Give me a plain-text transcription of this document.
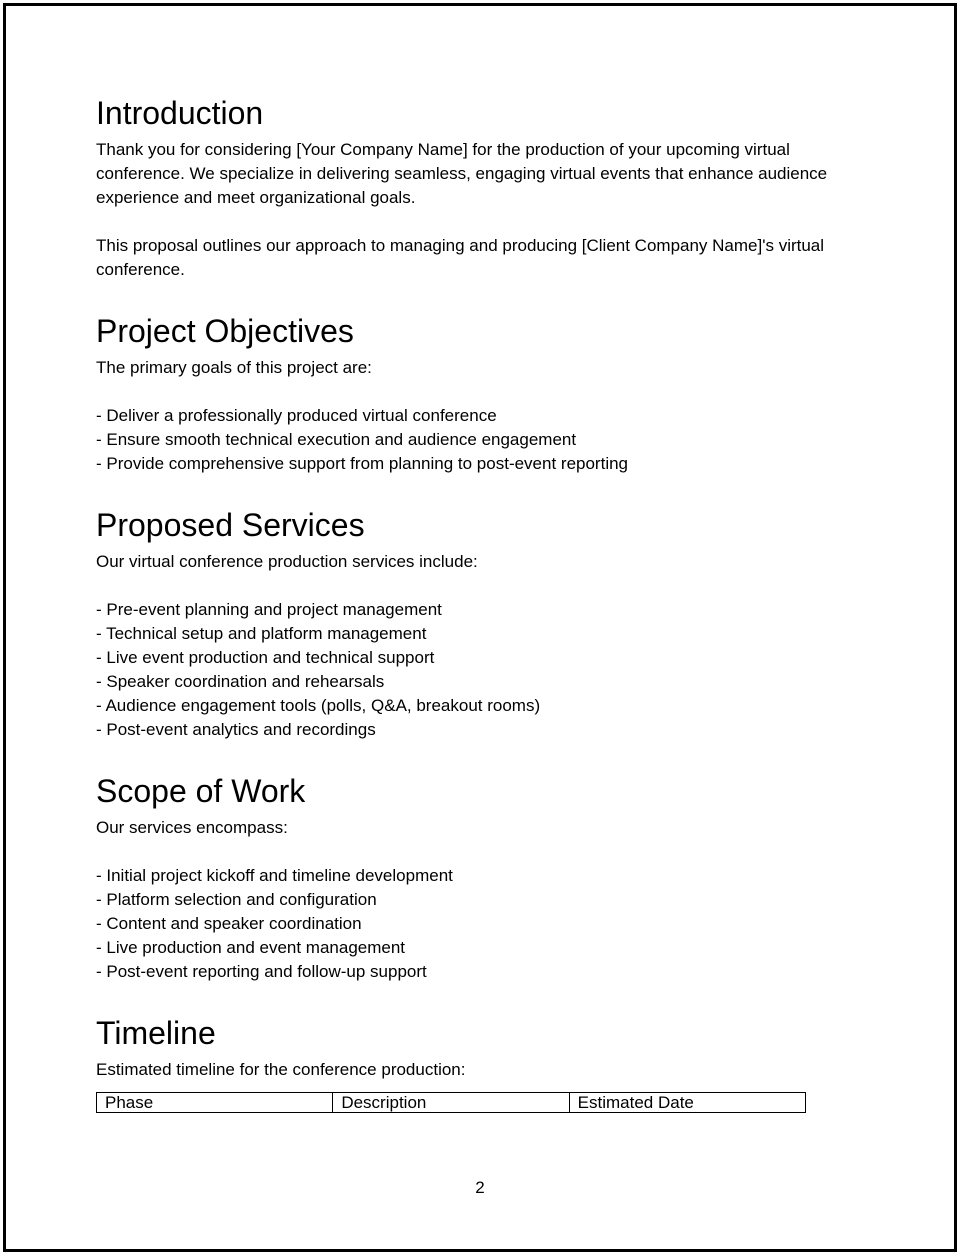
Introduction

Thank you for considering [Your Company Name] for the production of your upcoming virtual conference. We specialize in delivering seamless, engaging virtual events that enhance audience experience and meet organizational goals.

This proposal outlines our approach to managing and producing [Client Company Name]'s virtual conference.

Project Objectives

The primary goals of this project are:

- Deliver a professionally produced virtual conference
- Ensure smooth technical execution and audience engagement
- Provide comprehensive support from planning to post-event reporting
Proposed Services

Our virtual conference production services include:

- Pre-event planning and project management
- Technical setup and platform management
- Live event production and technical support
- Speaker coordination and rehearsals
- Audience engagement tools (polls, Q&A, breakout rooms)
- Post-event analytics and recordings
Scope of Work

Our services encompass:

- Initial project kickoff and timeline development
- Platform selection and configuration
- Content and speaker coordination
- Live production and event management
- Post-event reporting and follow-up support
Timeline

Estimated timeline for the conference production:

Phase	Description	Estimated Date
2
